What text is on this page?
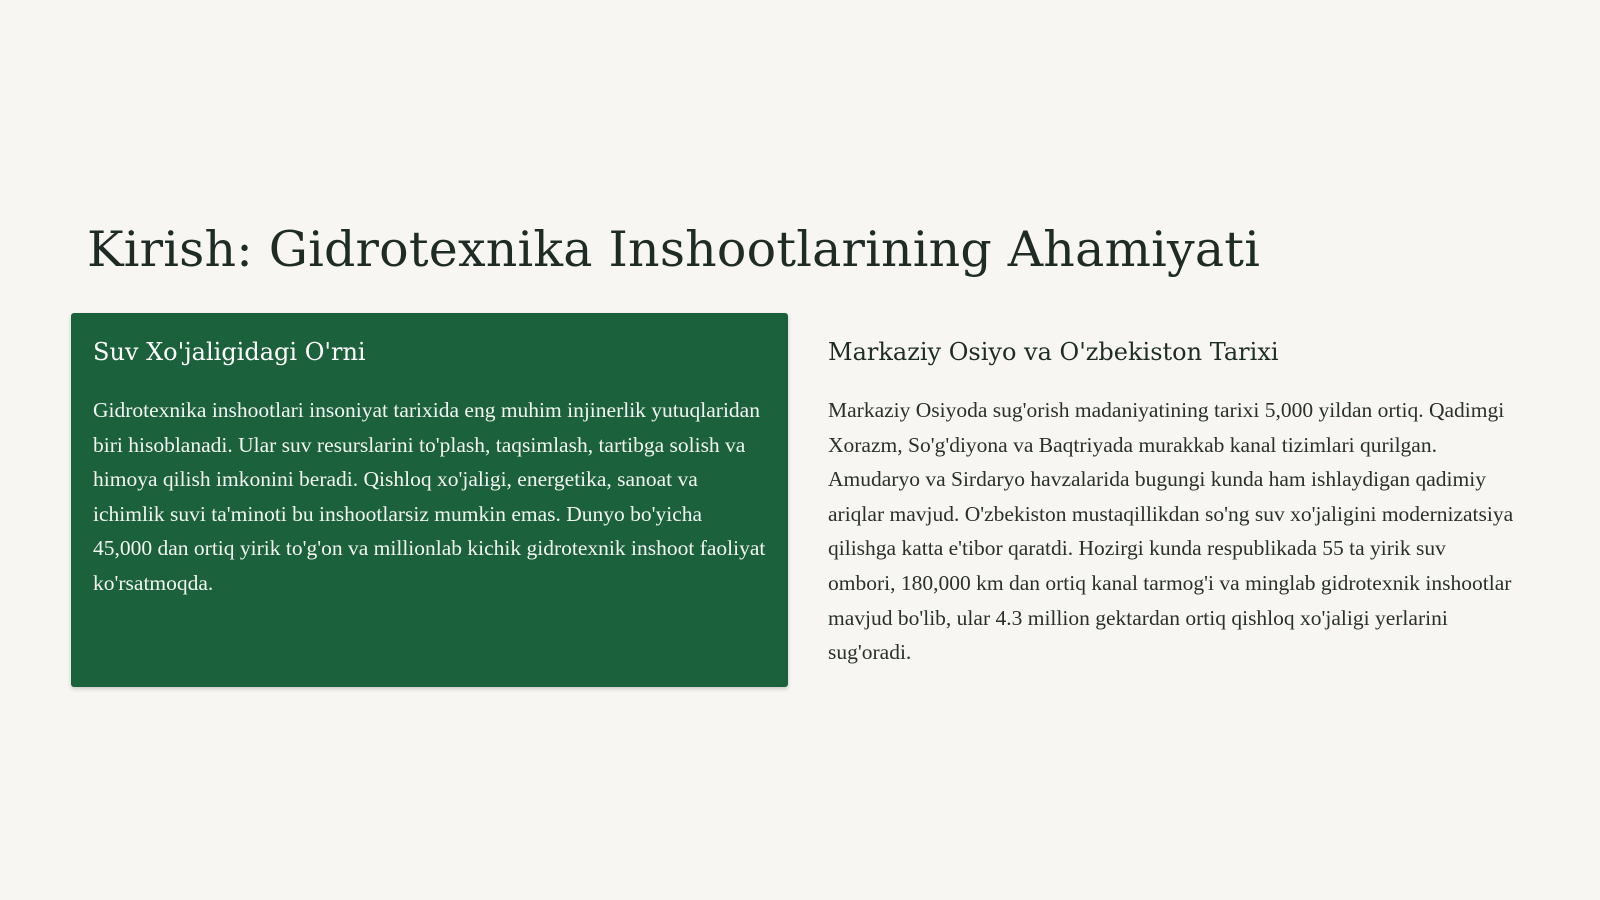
Kirish: Gidrotexnika Inshootlarining Ahamiyati
Suv Xo'jaligidagi O'rni

Gidrotexnika inshootlari insoniyat tarixida eng muhim injinerlik yutuqlaridan biri hisoblanadi. Ular suv resurslarini to'plash, taqsimlash, tartibga solish va himoya qilish imkonini beradi. Qishloq xo'jaligi, energetika, sanoat va ichimlik suvi ta'minoti bu inshootlarsiz mumkin emas. Dunyo bo'yicha 45,000 dan ortiq yirik to'g'on va millionlab kichik gidrotexnik inshoot faoliyat ko'rsatmoqda.

Markaziy Osiyo va O'zbekiston Tarixi

Markaziy Osiyoda sug'orish madaniyatining tarixi 5,000 yildan ortiq. Qadimgi Xorazm, So'g'diyona va Baqtriyada murakkab kanal tizimlari qurilgan. Amudaryo va Sirdaryo havzalarida bugungi kunda ham ishlaydigan qadimiy ariqlar mavjud. O'zbekiston mustaqillikdan so'ng suv xo'jaligini modernizatsiya qilishga katta e'tibor qaratdi. Hozirgi kunda respublikada 55 ta yirik suv ombori, 180,000 km dan ortiq kanal tarmog'i va minglab gidrotexnik inshootlar mavjud bo'lib, ular 4.3 million gektardan ortiq qishloq xo'jaligi yerlarini sug'oradi.
